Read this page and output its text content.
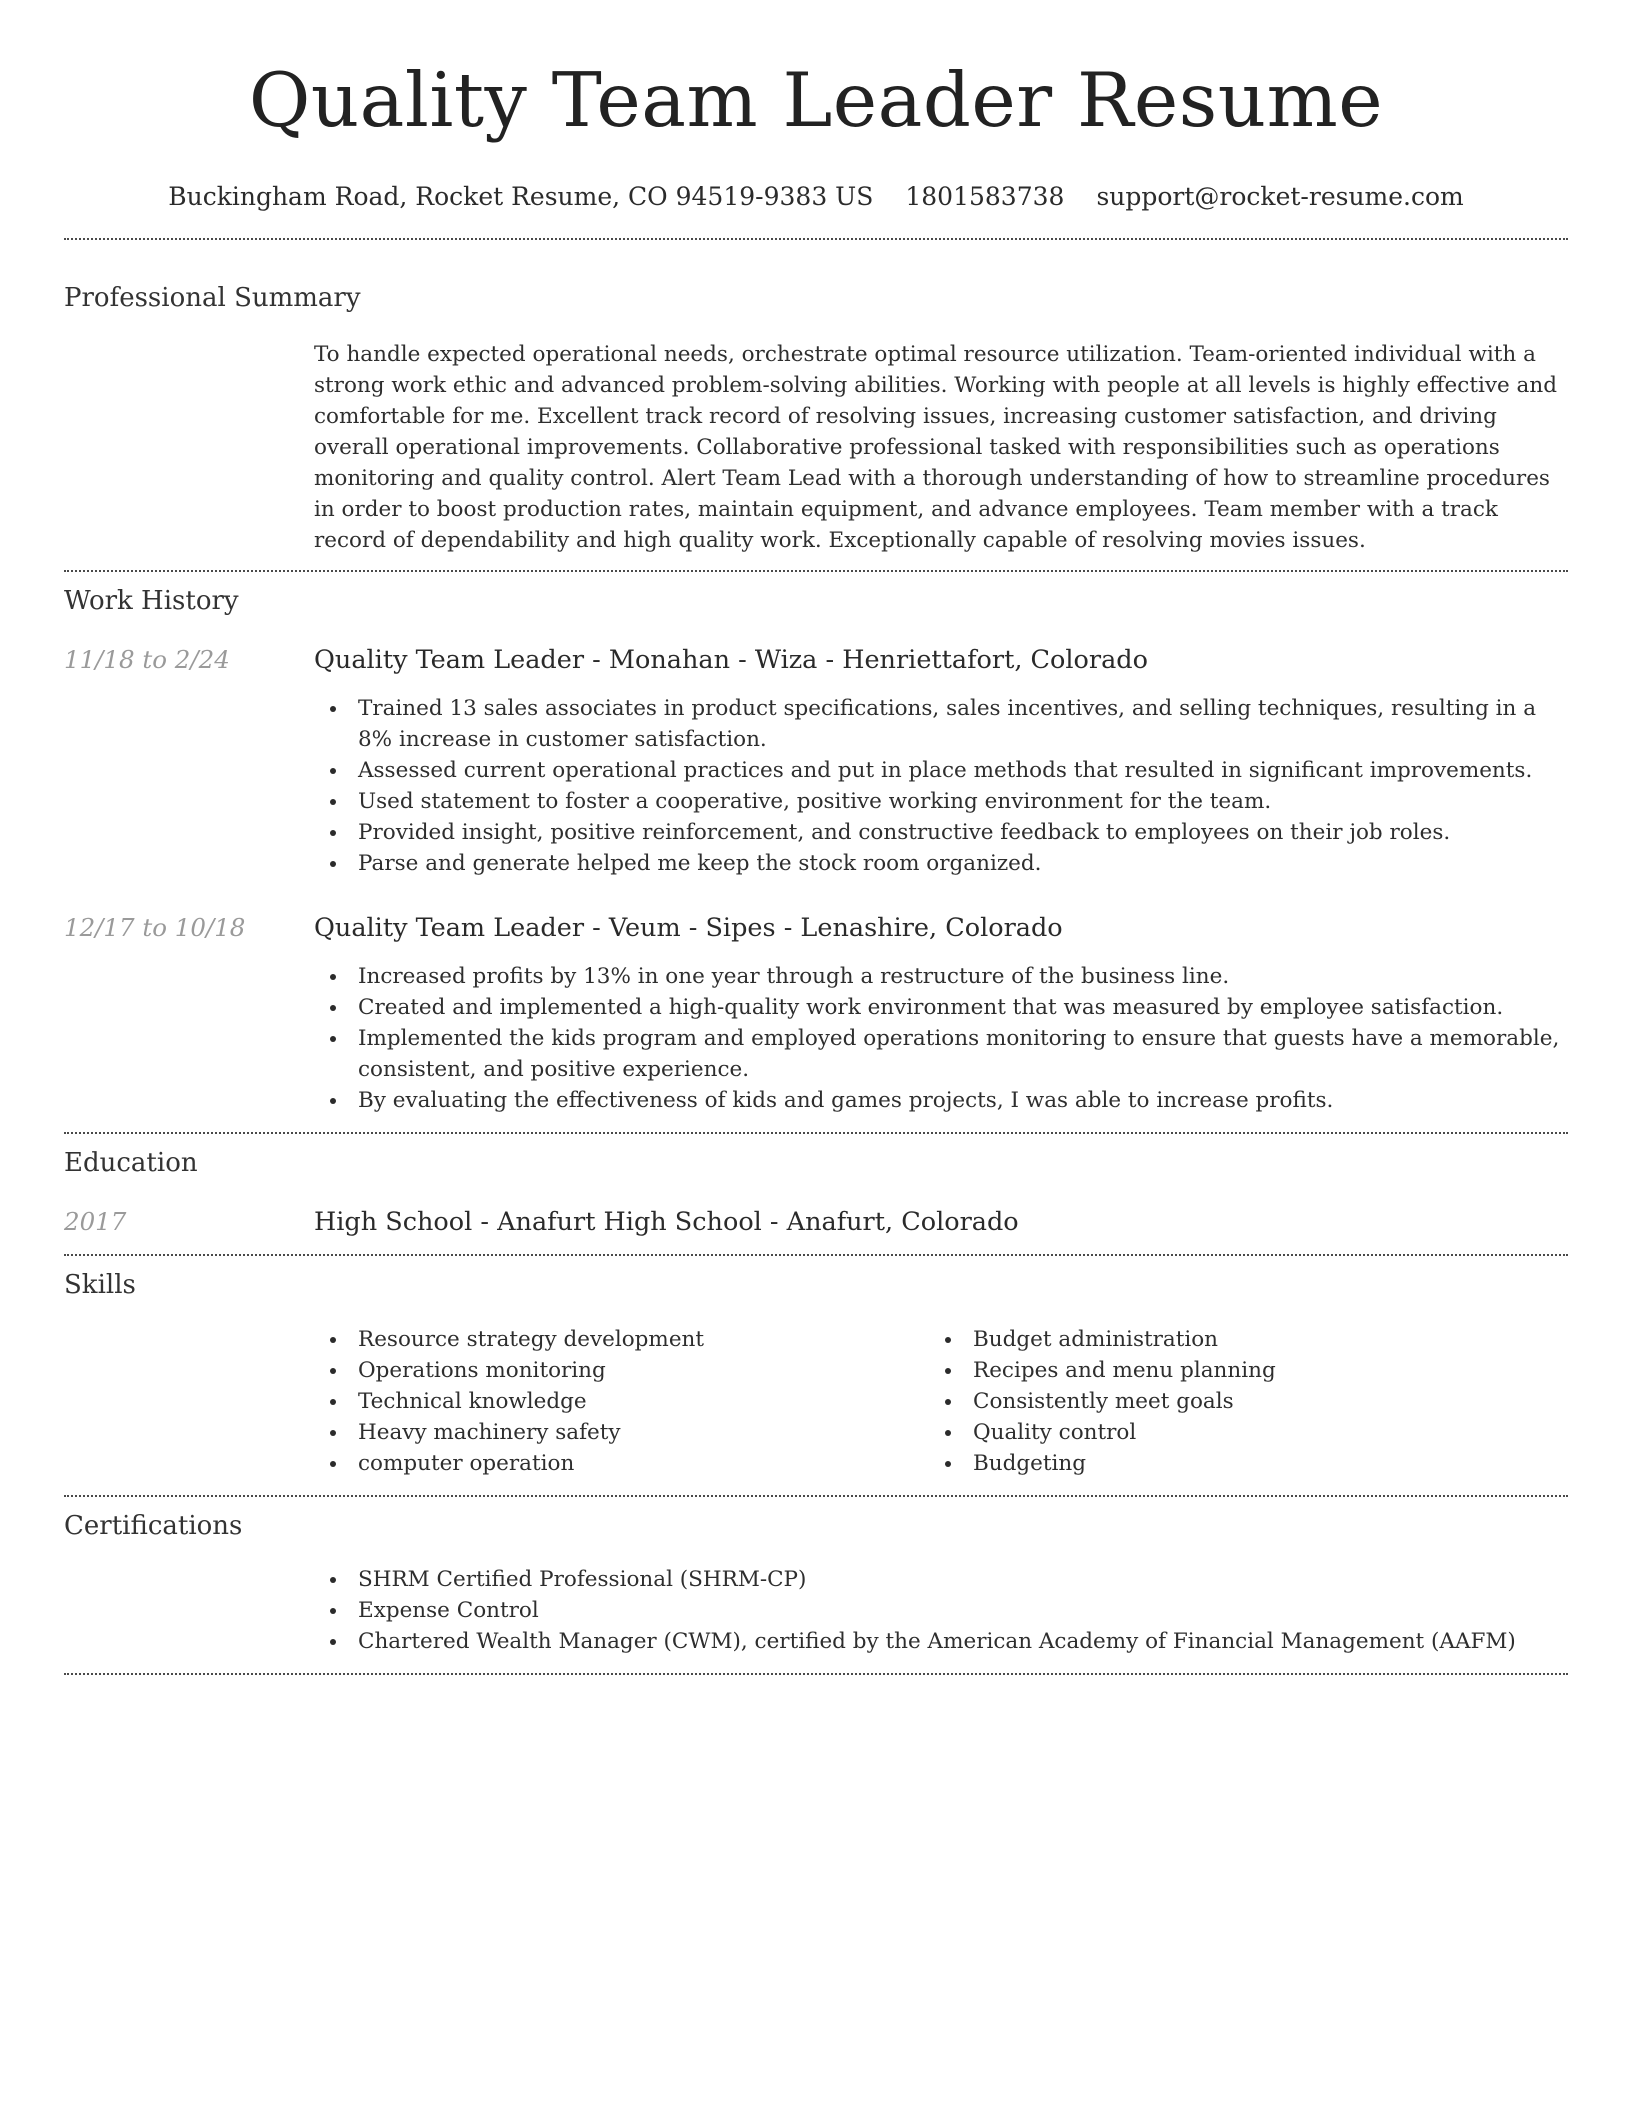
Quality Team Leader Resume
Buckingham Road, Rocket Resume, CO 94519-9383 US 1801583738 support@rocket-resume.com
Professional Summary

To handle expected operational needs, orchestrate optimal resource utilization. Team-oriented individual with a strong work ethic and advanced problem-solving abilities. Working with people at all levels is highly effective and comfortable for me. Excellent track record of resolving issues, increasing customer satisfaction, and driving overall operational improvements. Collaborative professional tasked with responsibilities such as operations monitoring and quality control. Alert Team Lead with a thorough understanding of how to streamline procedures in order to boost production rates, maintain equipment, and advance employees. Team member with a track record of dependability and high quality work. Exceptionally capable of resolving movies issues.

Work History
11/18 to 2/24	Quality Team Leader - Monahan - Wiza - Henriettafort, Colorado
Trained 13 sales associates in product specifications, sales incentives, and selling techniques, resulting in a 8% increase in customer satisfaction.
Assessed current operational practices and put in place methods that resulted in significant improvements.
Used statement to foster a cooperative, positive working environment for the team.
Provided insight, positive reinforcement, and constructive feedback to employees on their job roles.
Parse and generate helped me keep the stock room organized.
12/17 to 10/18	Quality Team Leader - Veum - Sipes - Lenashire, Colorado
Increased profits by 13% in one year through a restructure of the business line.
Created and implemented a high-quality work environment that was measured by employee satisfaction.
Implemented the kids program and employed operations monitoring to ensure that guests have a memorable, consistent, and positive experience.
By evaluating the effectiveness of kids and games projects, I was able to increase profits.
Education
2017	High School - Anafurt High School - Anafurt, Colorado
Skills
Resource strategy development
Operations monitoring
Technical knowledge
Heavy machinery safety
computer operation
Budget administration
Recipes and menu planning
Consistently meet goals
Quality control
Budgeting
Certifications
SHRM Certified Professional (SHRM-CP)
Expense Control
Chartered Wealth Manager (CWM), certified by the American Academy of Financial Management (AAFM)
